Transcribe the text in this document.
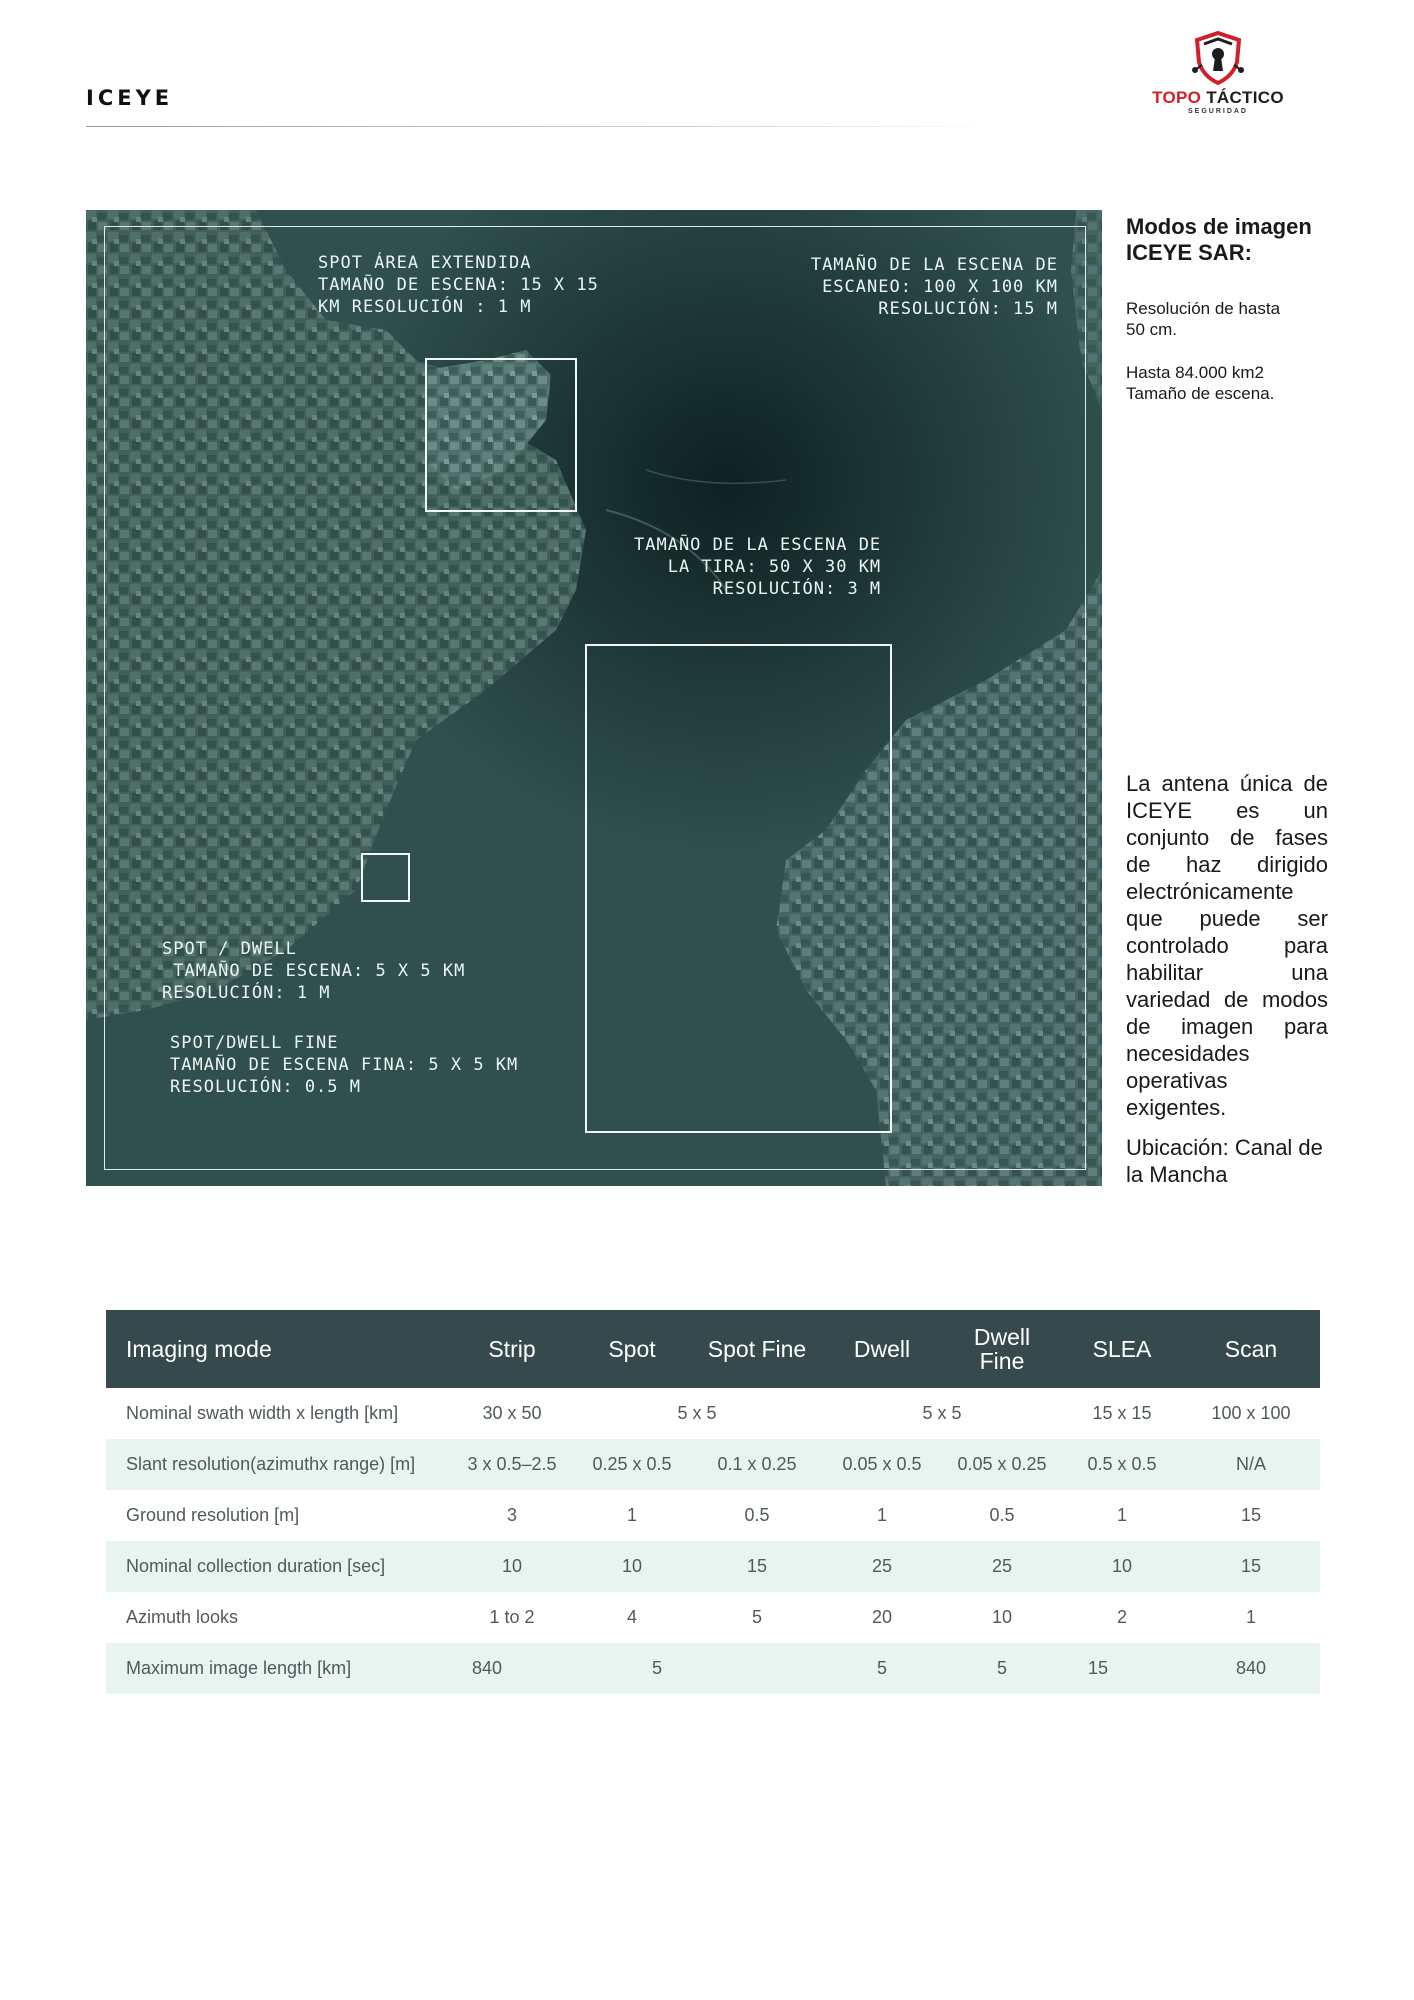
ICEYE	TOPO TÁCTICO
SEGURIDAD
SPOT ÁREA EXTENDIDA
TAMAÑO DE ESCENA: 15 X 15
KM RESOLUCIÓN : 1 M
TAMAÑO DE LA ESCENA DE
ESCANEO: 100 X 100 KM
RESOLUCIÓN: 15 M
TAMAÑO DE LA ESCENA DE
LA TIRA: 50 X 30 KM
RESOLUCIÓN: 3 M
SPOT / DWELL
TAMAÑO DE ESCENA: 5 X 5 KM
RESOLUCIÓN: 1 M
SPOT/DWELL FINE
TAMAÑO DE ESCENA FINA: 5 X 5 KM
RESOLUCIÓN: 0.5 M
Modos de imagen ICEYE SAR:
Resolución de hasta 50 cm.
Hasta 84.000 km2 Tamaño de escena.
La antena única de ICEYE es un conjunto de fases de haz dirigido electrónicamente que puede ser controlado para habilitar una variedad de modos de imagen para necesidades operativas exigentes.
Ubicación: Canal de la Mancha
Imaging mode	Strip	Spot	Spot Fine	Dwell	Dwell Fine	SLEA	Scan
Nominal swath width x length [km]	30 x 50	5 x 5		5 x 5		15 x 15	100 x 100
Slant resolution(azimuthx range) [m]	3 x 0.5–2.5	0.25 x 0.5	0.1 x 0.25	0.05 x 0.5	0.05 x 0.25	0.5 x 0.5	N/A
Ground resolution [m]	3	1	0.5	1	0.5	1	15
Nominal collection duration [sec]	10	10	15	25	25	10	15
Azimuth looks	1 to 2	4	5	20	10	2	1
Maximum image length [km]	840	5		5	5	15	840
